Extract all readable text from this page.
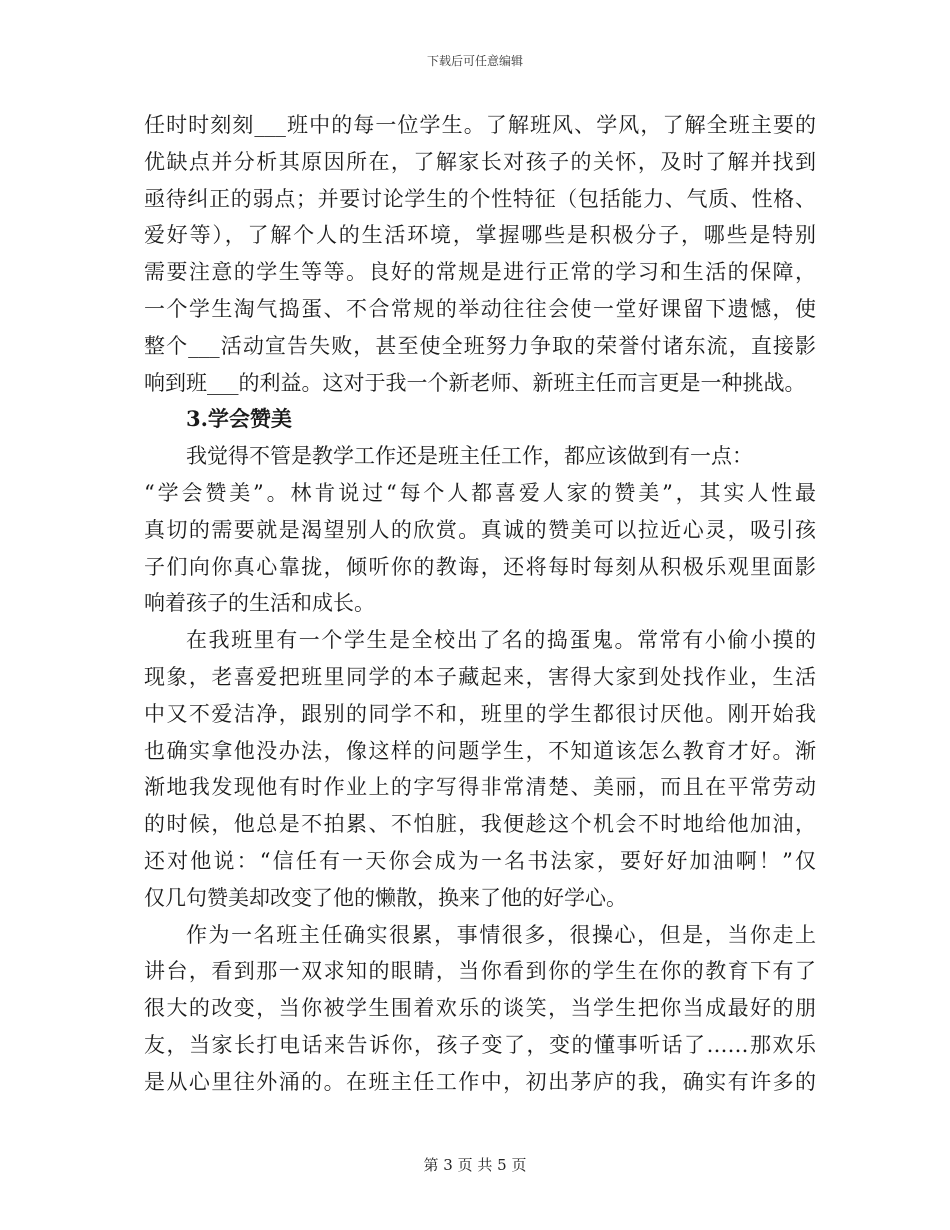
下载后可任意编辑
任时时刻刻___班中的每一位学生。了解班风、学风，了解全班主要的
优缺点并分析其原因所在，了解家长对孩子的关怀，及时了解并找到
亟待纠正的弱点；并要讨论学生的个性特征（包括能力、气质、性格、
爱好等），了解个人的生活环境，掌握哪些是积极分子，哪些是特别
需要注意的学生等等。良好的常规是进行正常的学习和生活的保障，
一个学生淘气捣蛋、不合常规的举动往往会使一堂好课留下遗憾，使
整个___活动宣告失败，甚至使全班努力争取的荣誉付诸东流，直接影
响到班___的利益。这对于我一个新老师、新班主任而言更是一种挑战。
3.学会赞美
我觉得不管是教学工作还是班主任工作，都应该做到有一点：
“学会赞美”。林肯说过“每个人都喜爱人家的赞美”，其实人性最
真切的需要就是渴望别人的欣赏。真诚的赞美可以拉近心灵，吸引孩
子们向你真心靠拢，倾听你的教诲，还将每时每刻从积极乐观里面影
响着孩子的生活和成长。
在我班里有一个学生是全校出了名的捣蛋鬼。常常有小偷小摸的
现象，老喜爱把班里同学的本子藏起来，害得大家到处找作业，生活
中又不爱洁净，跟别的同学不和，班里的学生都很讨厌他。刚开始我
也确实拿他没办法，像这样的问题学生，不知道该怎么教育才好。渐
渐地我发现他有时作业上的字写得非常清楚、美丽，而且在平常劳动
的时候，他总是不拍累、不怕脏，我便趁这个机会不时地给他加油，
还对他说：“信任有一天你会成为一名书法家，要好好加油啊！”仅
仅几句赞美却改变了他的懒散，换来了他的好学心。
作为一名班主任确实很累，事情很多，很操心，但是，当你走上
讲台，看到那一双求知的眼睛，当你看到你的学生在你的教育下有了
很大的改变，当你被学生围着欢乐的谈笑，当学生把你当成最好的朋
友，当家长打电话来告诉你，孩子变了，变的懂事听话了……那欢乐
是从心里往外涌的。在班主任工作中，初出茅庐的我，确实有许多的
第 3 页 共 5 页
